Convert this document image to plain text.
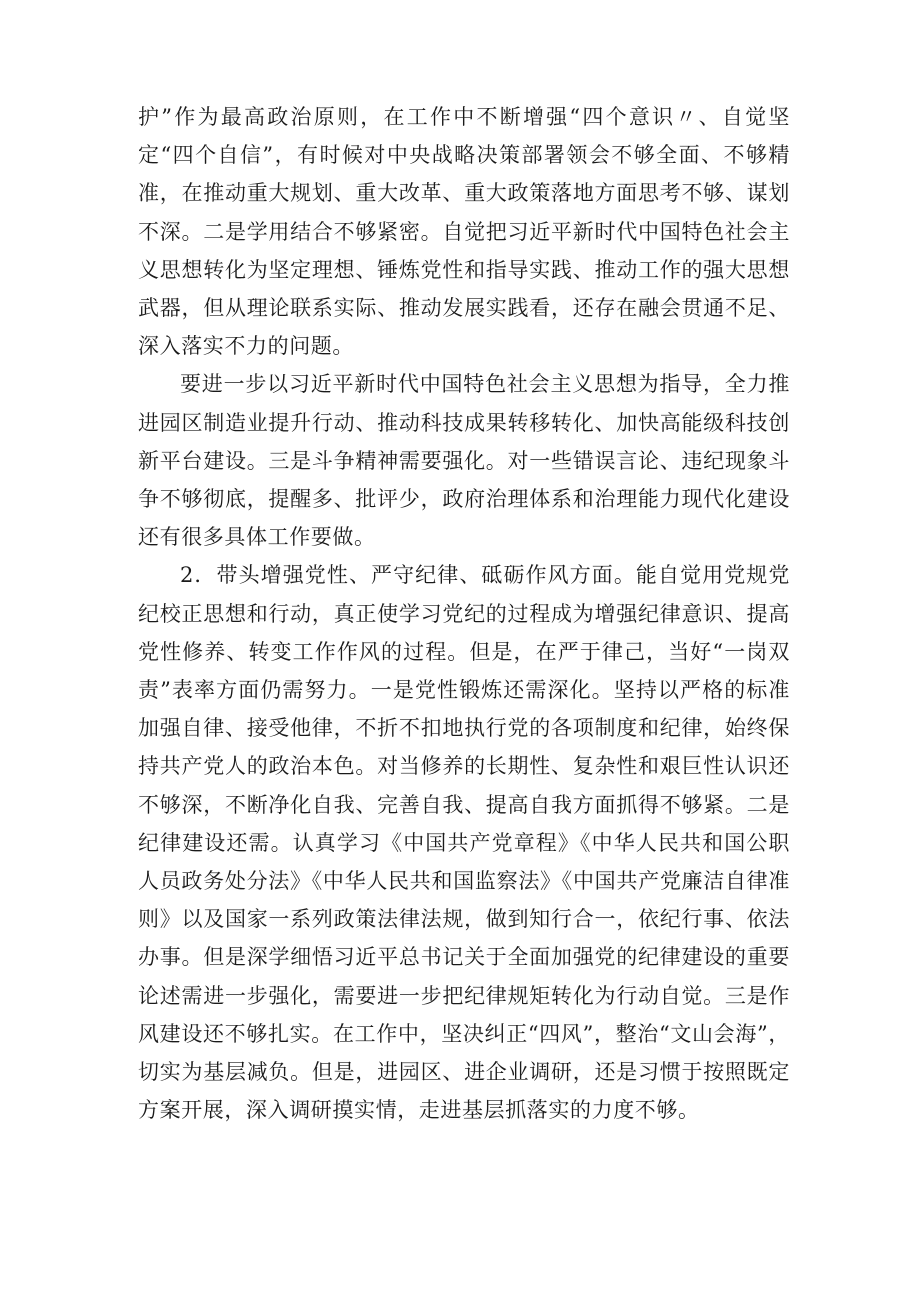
护”作为最高政治原则，在工作中不断增强“四个意识〃、自觉坚定“四个自信”，有时候对中央战略决策部署领会不够全面、不够精准，在推动重大规划、重大改革、重大政策落地方面思考不够、谋划不深。二是学用结合不够紧密。自觉把习近平新时代中国特色社会主义思想转化为坚定理想、锤炼党性和指导实践、推动工作的强大思想武器，但从理论联系实际、推动发展实践看，还存在融会贯通不足、深入落实不力的问题。

要进一步以习近平新时代中国特色社会主义思想为指导，全力推进园区制造业提升行动、推动科技成果转移转化、加快高能级科技创新平台建设。三是斗争精神需要强化。对一些错误言论、违纪现象斗争不够彻底，提醒多、批评少，政府治理体系和治理能力现代化建设还有很多具体工作要做。

2．带头增强党性、严守纪律、砥砺作风方面。能自觉用党规党纪校正思想和行动，真正使学习党纪的过程成为增强纪律意识、提高党性修养、转变工作作风的过程。但是，在严于律己，当好“一岗双责”表率方面仍需努力。一是党性锻炼还需深化。坚持以严格的标准加强自律、接受他律，不折不扣地执行党的各项制度和纪律，始终保持共产党人的政治本色。对当修养的长期性、复杂性和艰巨性认识还不够深，不断净化自我、完善自我、提高自我方面抓得不够紧。二是纪律建设还需。认真学习《中国共产党章程》《中华人民共和国公职人员政务处分法》《中华人民共和国监察法》《中国共产党廉洁自律准则》以及国家一系列政策法律法规，做到知行合一，依纪行事、依法办事。但是深学细悟习近平总书记关于全面加强党的纪律建设的重要论述需进一步强化，需要进一步把纪律规矩转化为行动自觉。三是作风建设还不够扎实。在工作中，坚决纠正“四风”，整治“文山会海”，切实为基层减负。但是，进园区、进企业调研，还是习惯于按照既定方案开展，深入调研摸实情，走进基层抓落实的力度不够。
